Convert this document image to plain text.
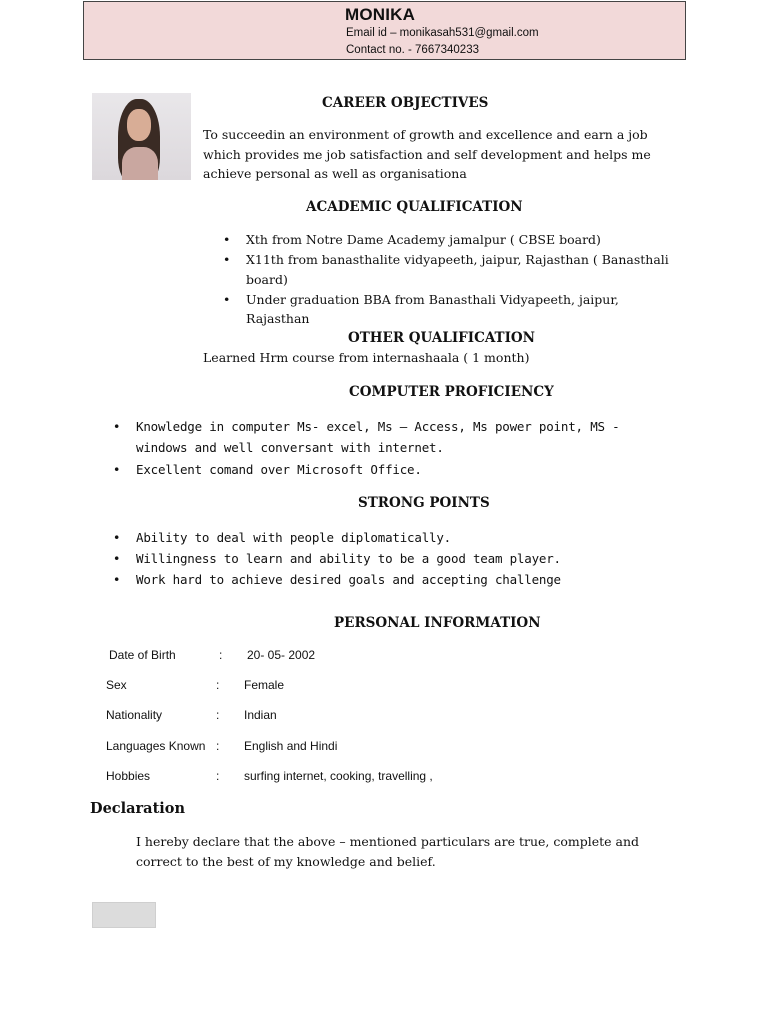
MONIKA
Email id – monikasah531@gmail.com
Contact no. - 7667340233
CAREER OBJECTIVES
To succeedin an environment of growth and excellence and earn a job which provides me job satisfaction and self development and helps me achieve personal as well as organisationa
ACADEMIC QUALIFICATION
• Xth from Notre Dame Academy jamalpur ( CBSE board)
• X11th from banasthalite vidyapeeth, jaipur, Rajasthan ( Banasthali board)
• Under graduation BBA from Banasthali Vidyapeeth, jaipur, Rajasthan
OTHER QUALIFICATION
Learned Hrm course from internashaala ( 1 month)
COMPUTER PROFICIENCY
• Knowledge in computer Ms- excel, Ms – Access, Ms power point, MS - windows and well conversant with internet.
• Excellent comand over Microsoft Office.
STRONG POINTS
• Ability to deal with people diplomatically.
• Willingness to learn and ability to be a good team player.
• Work hard to achieve desired goals and accepting challenge
PERSONAL INFORMATION
Date of Birth	: 20- 05- 2002
Sex	: Female
Nationality	: Indian
Languages Known : English and Hindi
Hobbies	: surfing internet, cooking, travelling ,
Declaration
I hereby declare that the above – mentioned particulars are true, complete and correct to the best of my knowledge and belief.
